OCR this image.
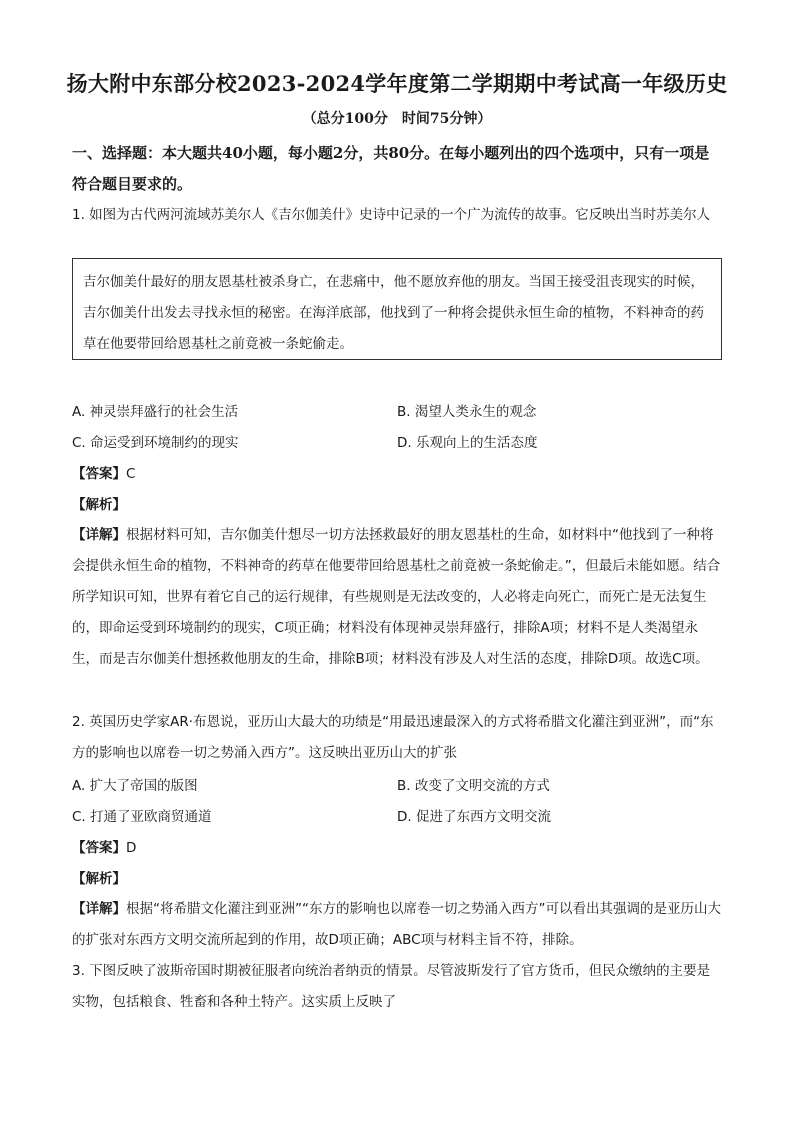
扬大附中东部分校2023-2024学年度第二学期期中考试高一年级历史
（总分100分　时间75分钟）
一、选择题：本大题共40小题，每小题2分，共80分。在每小题列出的四个选项中，只有一项是符合题目要求的。
1. 如图为古代两河流域苏美尔人《吉尔伽美什》史诗中记录的一个广为流传的故事。它反映出当时苏美尔人
吉尔伽美什最好的朋友恩基杜被杀身亡，在悲痛中，他不愿放弃他的朋友。当国王接受沮丧现实的时候，吉尔伽美什出发去寻找永恒的秘密。在海洋底部，他找到了一种将会提供永恒生命的植物，不料神奇的药草在他要带回给恩基杜之前竟被一条蛇偷走。
A. 神灵崇拜盛行的社会生活	B. 渴望人类永生的观念
C. 命运受到环境制约的现实	D. 乐观向上的生活态度
【答案】C
【解析】
【详解】根据材料可知，吉尔伽美什想尽一切方法拯救最好的朋友恩基杜的生命，如材料中“他找到了一种将会提供永恒生命的植物，不料神奇的药草在他要带回给恩基杜之前竟被一条蛇偷走。”，但最后未能如愿。结合所学知识可知，世界有着它自己的运行规律，有些规则是无法改变的，人必将走向死亡，而死亡是无法复生的，即命运受到环境制约的现实，C项正确；材料没有体现神灵崇拜盛行，排除A项；材料不是人类渴望永生，而是吉尔伽美什想拯救他朋友的生命，排除B项；材料没有涉及人对生活的态度，排除D项。故选C项。
2. 英国历史学家AR·布恩说，亚历山大最大的功绩是“用最迅速最深入的方式将希腊文化灌注到亚洲”，而“东方的影响也以席卷一切之势涌入西方”。这反映出亚历山大的扩张
A. 扩大了帝国的版图	B. 改变了文明交流的方式
C. 打通了亚欧商贸通道	D. 促进了东西方文明交流
【答案】D
【解析】
【详解】根据“将希腊文化灌注到亚洲”“东方的影响也以席卷一切之势涌入西方”可以看出其强调的是亚历山大的扩张对东西方文明交流所起到的作用，故D项正确；ABC项与材料主旨不符，排除。
3. 下图反映了波斯帝国时期被征服者向统治者纳贡的情景。尽管波斯发行了官方货币，但民众缴纳的主要是实物，包括粮食、牲畜和各种土特产。这实质上反映了
